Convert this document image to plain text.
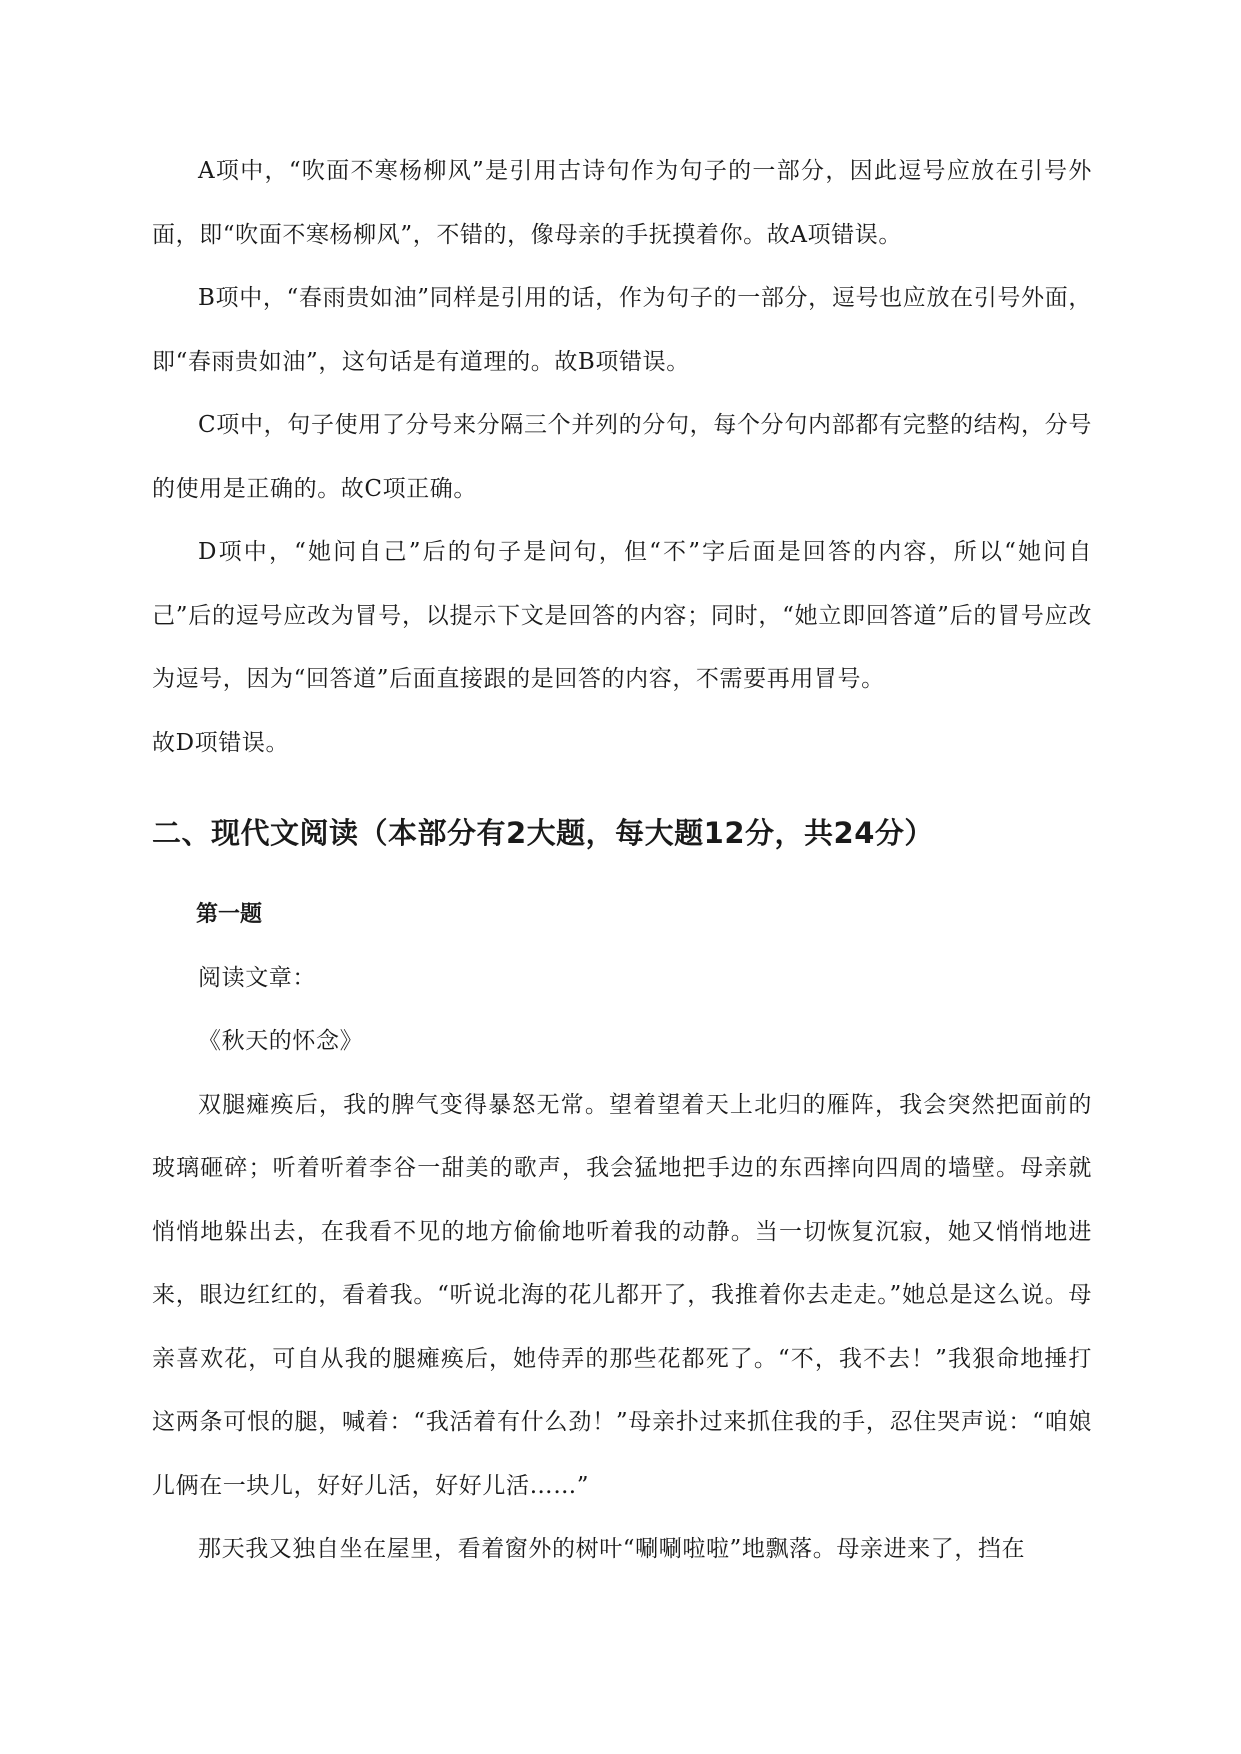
A项中，“吹面不寒杨柳风”是引用古诗句作为句子的一部分，因此逗号应放在引号外面，即“吹面不寒杨柳风”，不错的，像母亲的手抚摸着你。故A项错误。

B项中，“春雨贵如油”同样是引用的话，作为句子的一部分，逗号也应放在引号外面，即“春雨贵如油”，这句话是有道理的。故B项错误。

C项中，句子使用了分号来分隔三个并列的分句，每个分句内部都有完整的结构，分号的使用是正确的。故C项正确。

D项中，“她问自己”后的句子是问句，但“不”字后面是回答的内容，所以“她问自己”后的逗号应改为冒号，以提示下文是回答的内容；同时，“她立即回答道”后的冒号应改为逗号，因为“回答道”后面直接跟的是回答的内容，不需要再用冒号。

故D项错误。

二、现代文阅读（本部分有2大题，每大题12分，共24分）

第一题

阅读文章：

《秋天的怀念》

双腿瘫痪后，我的脾气变得暴怒无常。望着望着天上北归的雁阵，我会突然把面前的玻璃砸碎；听着听着李谷一甜美的歌声，我会猛地把手边的东西摔向四周的墙壁。母亲就悄悄地躲出去，在我看不见的地方偷偷地听着我的动静。当一切恢复沉寂，她又悄悄地进来，眼边红红的，看着我。“听说北海的花儿都开了，我推着你去走走。”她总是这么说。母亲喜欢花，可自从我的腿瘫痪后，她侍弄的那些花都死了。“不，我不去！”我狠命地捶打这两条可恨的腿，喊着：“我活着有什么劲！”母亲扑过来抓住我的手，忍住哭声说：“咱娘儿俩在一块儿，好好儿活，好好儿活……”

那天我又独自坐在屋里，看着窗外的树叶“唰唰啦啦”地飘落。母亲进来了，挡在
